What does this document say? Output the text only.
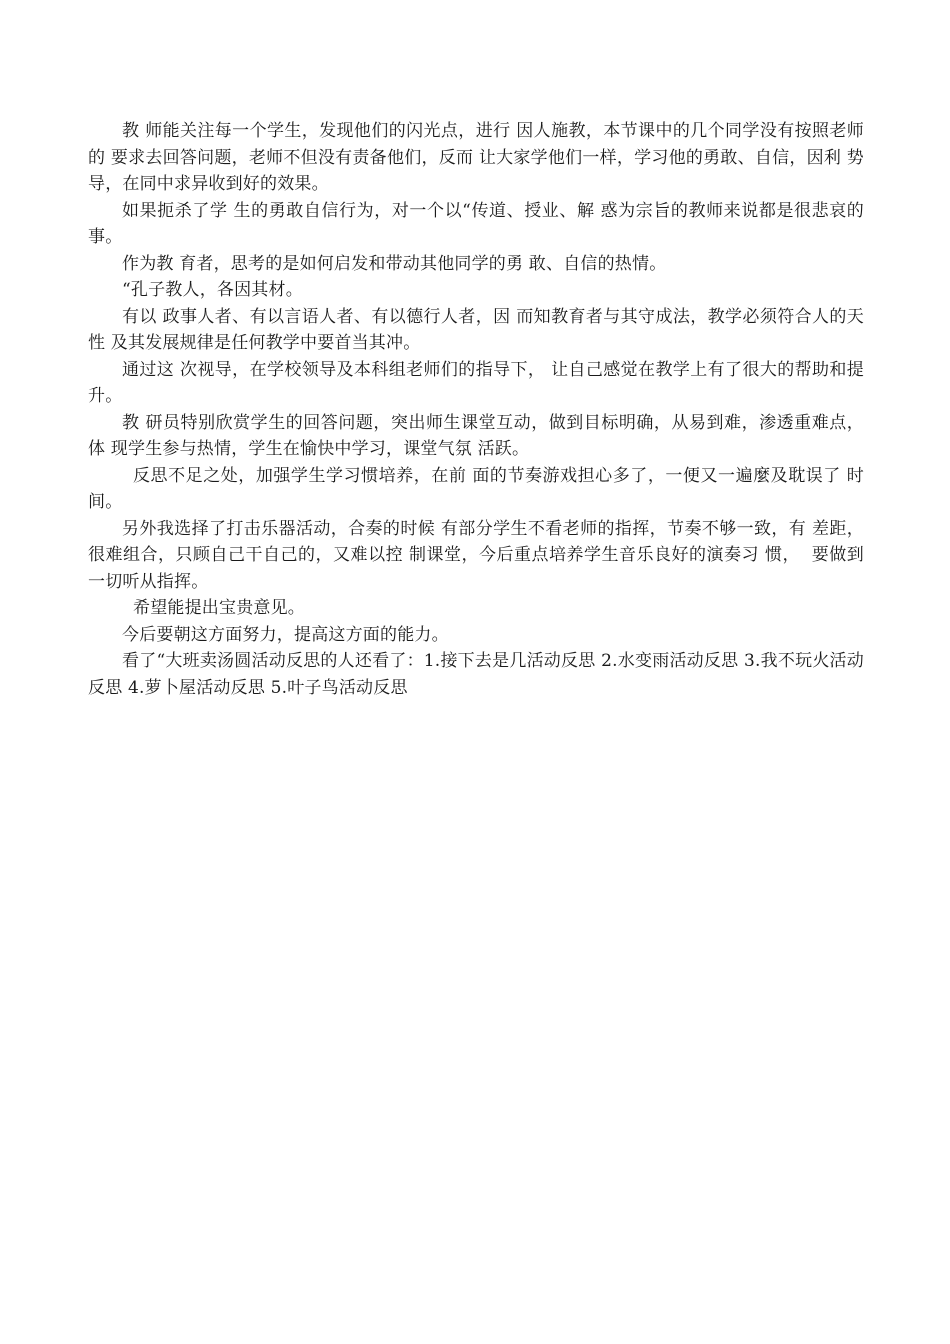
教 师能关注每一个学生，发现他们的闪光点，进行 因人施教，本节课中的几个同学没有按照老师的 要求去回答问题，老师不但没有责备他们，反而 让大家学他们一样，学习他的勇敢、自信，因利 势导，在同中求异收到好的效果。

如果扼杀了学 生的勇敢自信行为，对一个以“传道、授业、解 惑为宗旨的教师来说都是很悲哀的事。

作为教 育者，思考的是如何启发和带动其他同学的勇 敢、自信的热情。

“孔子教人，各因其材。

有以 政事人者、有以言语人者、有以德行人者，因 而知教育者与其守成法，教学必须符合人的天性 及其发展规律是任何教学中要首当其冲。

通过这 次视导，在学校领导及本科组老师们的指导下， 让自己感觉在教学上有了很大的帮助和提升。

教 研员特别欣赏学生的回答问题，突出师生课堂互动，做到目标明确，从易到难，渗透重难点，体 现学生参与热情，学生在愉快中学习，课堂气氛 活跃。

反思不足之处，加强学生学习惯培养，在前 面的节奏游戏担心多了，一便又一遍麼及耽误了 时间。

另外我选择了打击乐器活动，合奏的时候 有部分学生不看老师的指挥，节奏不够一致，有 差距，很难组合，只顾自己干自己的，又难以控 制课堂，今后重点培养学生音乐良好的演奏习 惯，  要做到一切听从指挥。

希望能提出宝贵意见。

今后要朝这方面努力，提高这方面的能力。

看了“大班卖汤圆活动反思的人还看了：1.接下去是几活动反思 2.水变雨活动反思 3.我不玩火活动反思 4.萝卜屋活动反思 5.叶子鸟活动反思
